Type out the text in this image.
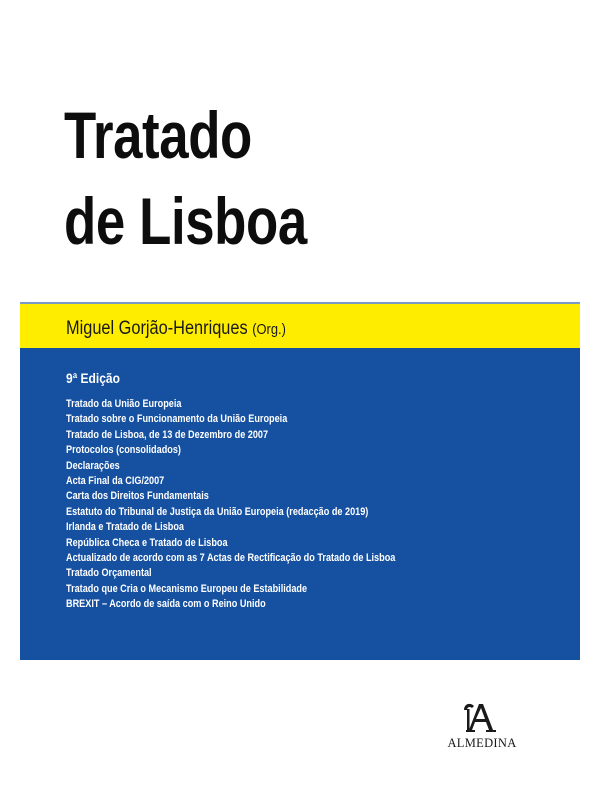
Tratado
de Lisboa
Miguel Gorjão-Henriques (Org.)
9ª Edição
Tratado da União Europeia
Tratado sobre o Funcionamento da União Europeia
Tratado de Lisboa, de 13 de Dezembro de 2007
Protocolos (consolidados)
Declarações
Acta Final da CIG/2007
Carta dos Direitos Fundamentais
Estatuto do Tribunal de Justiça da União Europeia (redacção de 2019)
Irlanda e Tratado de Lisboa
República Checa e Tratado de Lisboa
Actualizado de acordo com as 7 Actas de Rectificação do Tratado de Lisboa
Tratado Orçamental
Tratado que Cria o Mecanismo Europeu de Estabilidade
BREXIT – Acordo de saída com o Reino Unido
ALMEDINA
